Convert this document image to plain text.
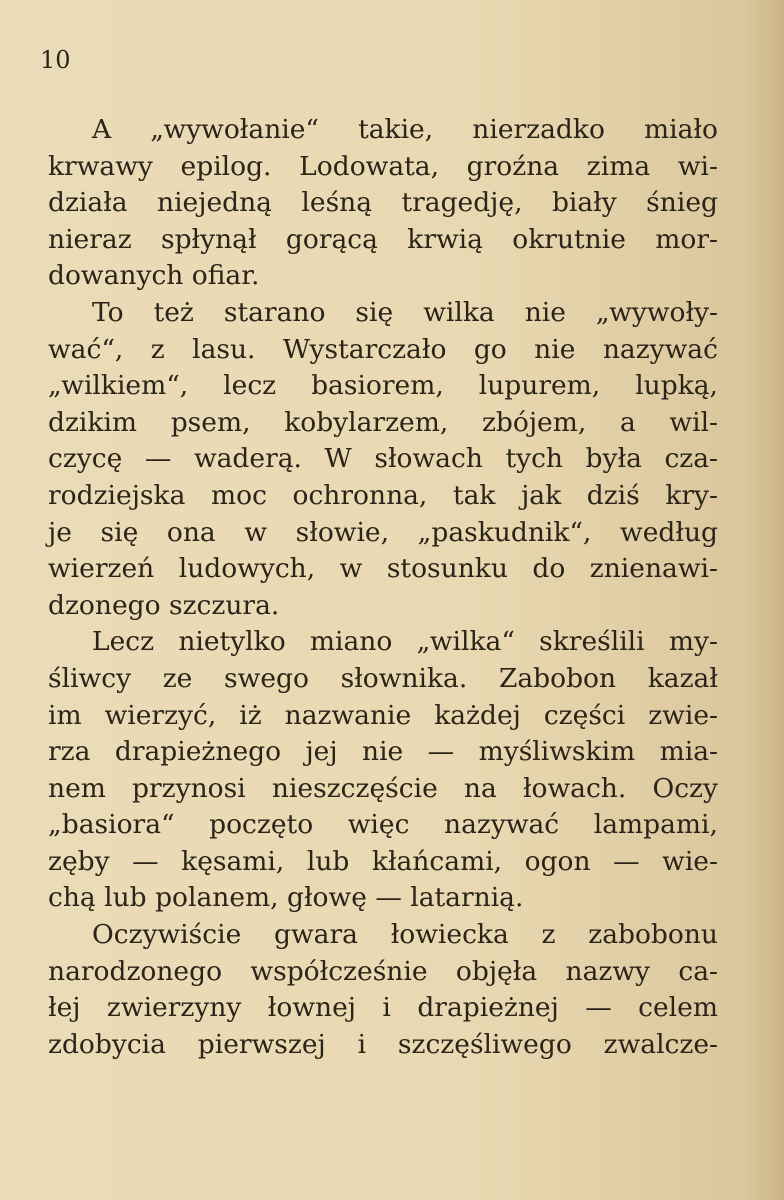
10
A „wywołanie“ takie, nierzadko miało
krwawy epilog. Lodowata, groźna zima wi‐
działa niejedną leśną tragedję, biały śnieg
nieraz spłynął gorącą krwią okrutnie mor‐
dowanych ofiar.
To też starano się wilka nie „wywoły‐
wać“, z lasu. Wystarczało go nie nazywać
„wilkiem“, lecz basiorem, lupurem, lupką,
dzikim psem, kobylarzem, zbójem, a wil‐
czycę — waderą. W słowach tych była cza‐
rodziejska moc ochronna, tak jak dziś kry‐
je się ona w słowie, „paskudnik“, według
wierzeń ludowych, w stosunku do znienawi‐
dzonego szczura.
Lecz nietylko miano „wilka“ skreślili my‐
śliwcy ze swego słownika. Zabobon kazał
im wierzyć, iż nazwanie każdej części zwie‐
rza drapieżnego jej nie — myśliwskim mia‐
nem przynosi nieszczęście na łowach. Oczy
„basiora“ poczęto więc nazywać lampami,
zęby — kęsami, lub kłańcami, ogon — wie‐
chą lub polanem, głowę — latarnią.
Oczywiście gwara łowiecka z zabobonu
narodzonego współcześnie objęła nazwy ca‐
łej zwierzyny łownej i drapieżnej — celem
zdobycia pierwszej i szczęśliwego zwalcze‐
